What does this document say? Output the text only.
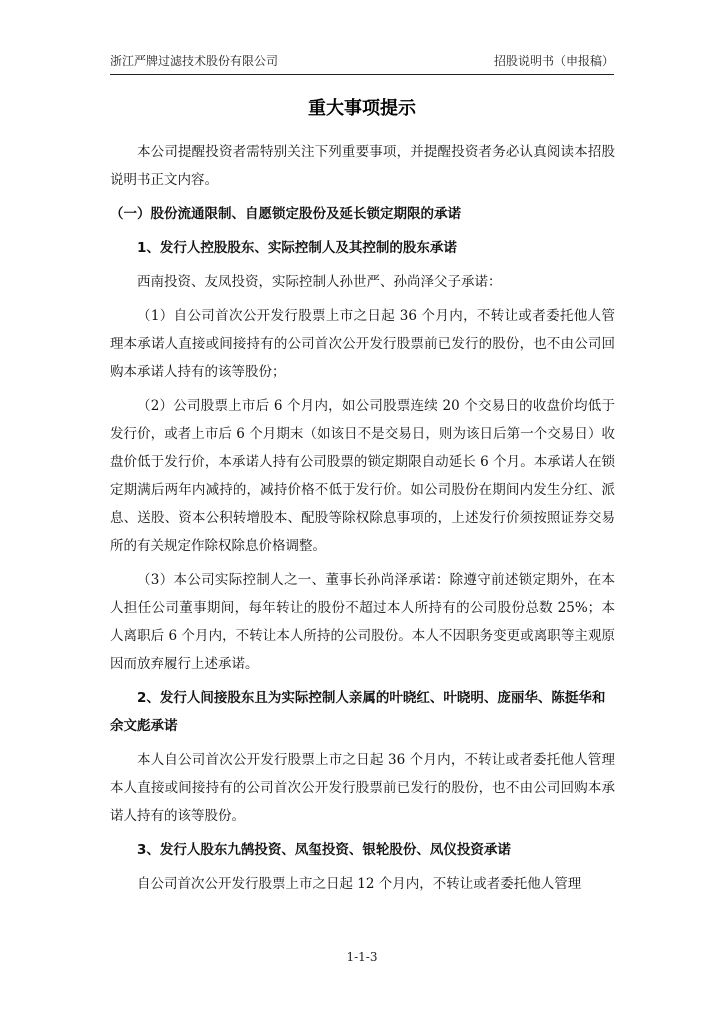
浙江严牌过滤技术股份有限公司	招股说明书（申报稿）
重大事项提示

本公司提醒投资者需特别关注下列重要事项，并提醒投资者务必认真阅读本招股说明书正文内容。

（一）股份流通限制、自愿锁定股份及延长锁定期限的承诺
1、发行人控股股东、实际控制人及其控制的股东承诺

西南投资、友凤投资，实际控制人孙世严、孙尚泽父子承诺：

（1）自公司首次公开发行股票上市之日起 36 个月内，不转让或者委托他人管理本承诺人直接或间接持有的公司首次公开发行股票前已发行的股份，也不由公司回购本承诺人持有的该等股份；

（2）公司股票上市后 6 个月内，如公司股票连续 20 个交易日的收盘价均低于发行价，或者上市后 6 个月期末（如该日不是交易日，则为该日后第一个交易日）收盘价低于发行价，本承诺人持有公司股票的锁定期限自动延长 6 个月。本承诺人在锁定期满后两年内减持的，减持价格不低于发行价。如公司股份在期间内发生分红、派息、送股、资本公积转增股本、配股等除权除息事项的，上述发行价须按照证券交易所的有关规定作除权除息价格调整。

（3）本公司实际控制人之一、董事长孙尚泽承诺：除遵守前述锁定期外，在本人担任公司董事期间，每年转让的股份不超过本人所持有的公司股份总数 25%；本人离职后 6 个月内，不转让本人所持的公司股份。本人不因职务变更或离职等主观原因而放弃履行上述承诺。

2、发行人间接股东且为实际控制人亲属的叶晓红、叶晓明、庞丽华、陈挺华和余文彪承诺

本人自公司首次公开发行股票上市之日起 36 个月内，不转让或者委托他人管理本人直接或间接持有的公司首次公开发行股票前已发行的股份，也不由公司回购本承诺人持有的该等股份。

3、发行人股东九鹄投资、凤玺投资、银轮股份、凤仪投资承诺

自公司首次公开发行股票上市之日起 12 个月内，不转让或者委托他人管理

1-1-3
